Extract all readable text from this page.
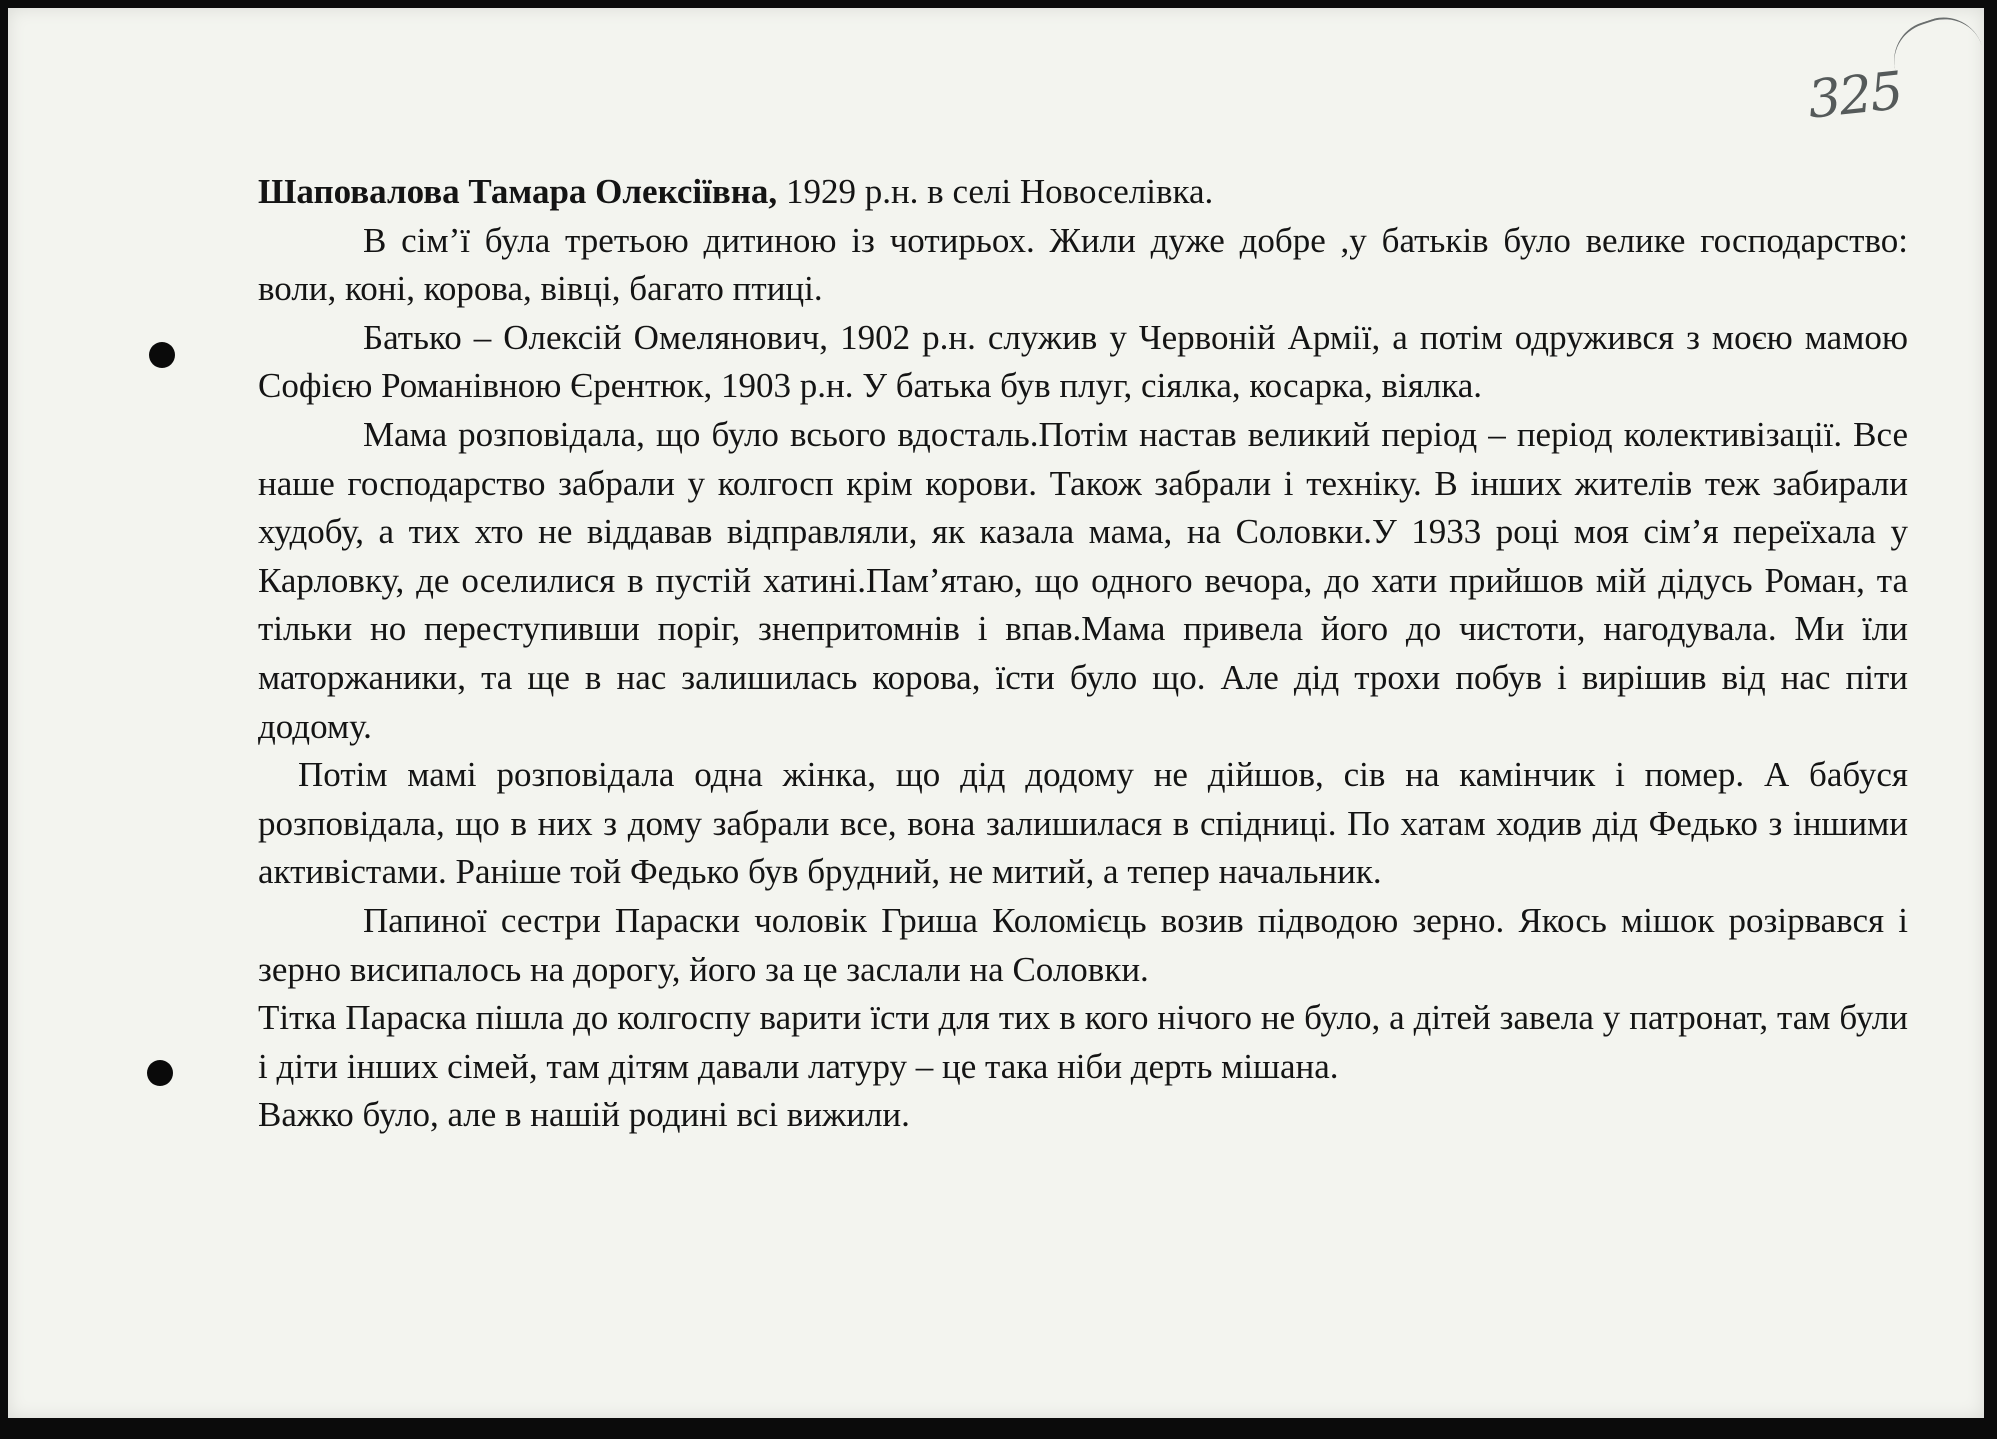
325

Шаповалова Тамара Олексіївна, 1929 р.н. в селі Новоселівка.

В сім’ї була третьою дитиною із чотирьох. Жили дуже добре ,у батьків було велике господарство: воли, коні, корова, вівці, багато птиці.

Батько – Олексій Омелянович, 1902 р.н. служив у Червоній Армії, а потім одружився з моєю мамою Софією Романівною Єрентюк, 1903 р.н. У батька був плуг, сіялка, косарка, віялка.

Мама розповідала, що було всього вдосталь.Потім настав великий період – період колективізації. Все наше господарство забрали у колгосп крім корови. Також забрали і техніку. В інших жителів теж забирали худобу, а тих хто не віддавав відправляли, як казала мама, на Соловки.У 1933 році моя сім’я переїхала у Карловку, де оселилися в пустій хатині.Пам’ятаю, що одного вечора, до хати прийшов мій дідусь Роман, та тільки но переступивши поріг, знепритомнів і впав.Мама привела його до чистоти, нагодувала. Ми їли маторжаники, та ще в нас залишилась корова, їсти було що. Але дід трохи побув і вирішив від нас піти додому.

Потім мамі розповідала одна жінка, що дід додому не дійшов, сів на камінчик і помер. А бабуся розповідала, що в них з дому забрали все, вона залишилася в спідниці. По хатам ходив дід Федько з іншими активістами. Раніше той Федько був брудний, не митий, а тепер начальник.

Папиної сестри Параски чоловік Гриша Коломієць возив підводою зерно. Якось мішок розірвався і зерно висипалось на дорогу, його за це заслали на Соловки.

Тітка Параска пішла до колгоспу варити їсти для тих в кого нічого не було, а дітей завела у патронат, там були і діти інших сімей, там дітям давали латуру – це така ніби дерть мішана.

Важко було, але в нашій родині всі вижили.
